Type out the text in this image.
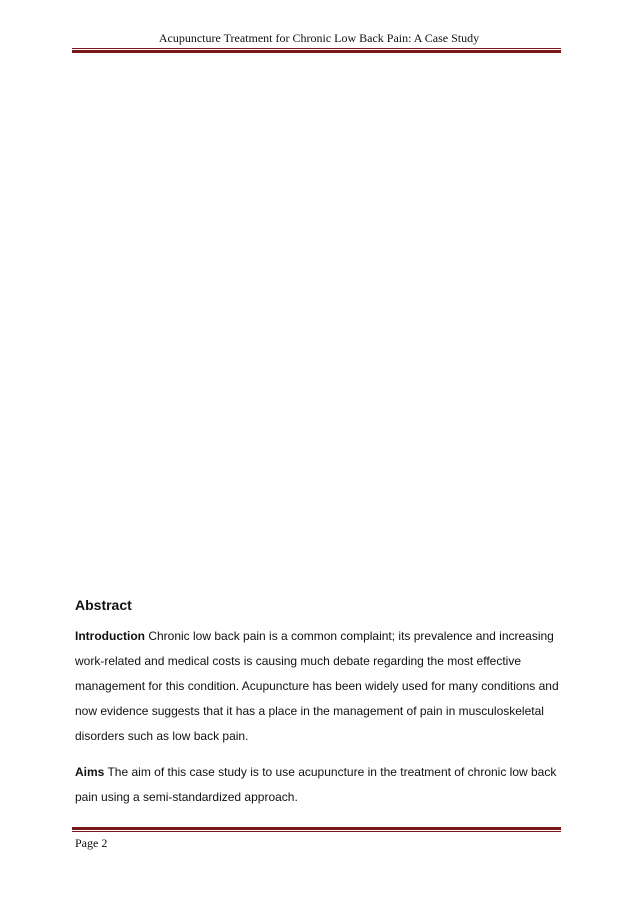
Acupuncture Treatment for Chronic Low Back Pain: A Case Study
Abstract

Introduction Chronic low back pain is a common complaint; its prevalence and increasing
work-related and medical costs is causing much debate regarding the most effective
management for this condition. Acupuncture has been widely used for many conditions and
now evidence suggests that it has a place in the management of pain in musculoskeletal
disorders such as low back pain.

Aims The aim of this case study is to use acupuncture in the treatment of chronic low back
pain using a semi-standardized approach.

Page 2
